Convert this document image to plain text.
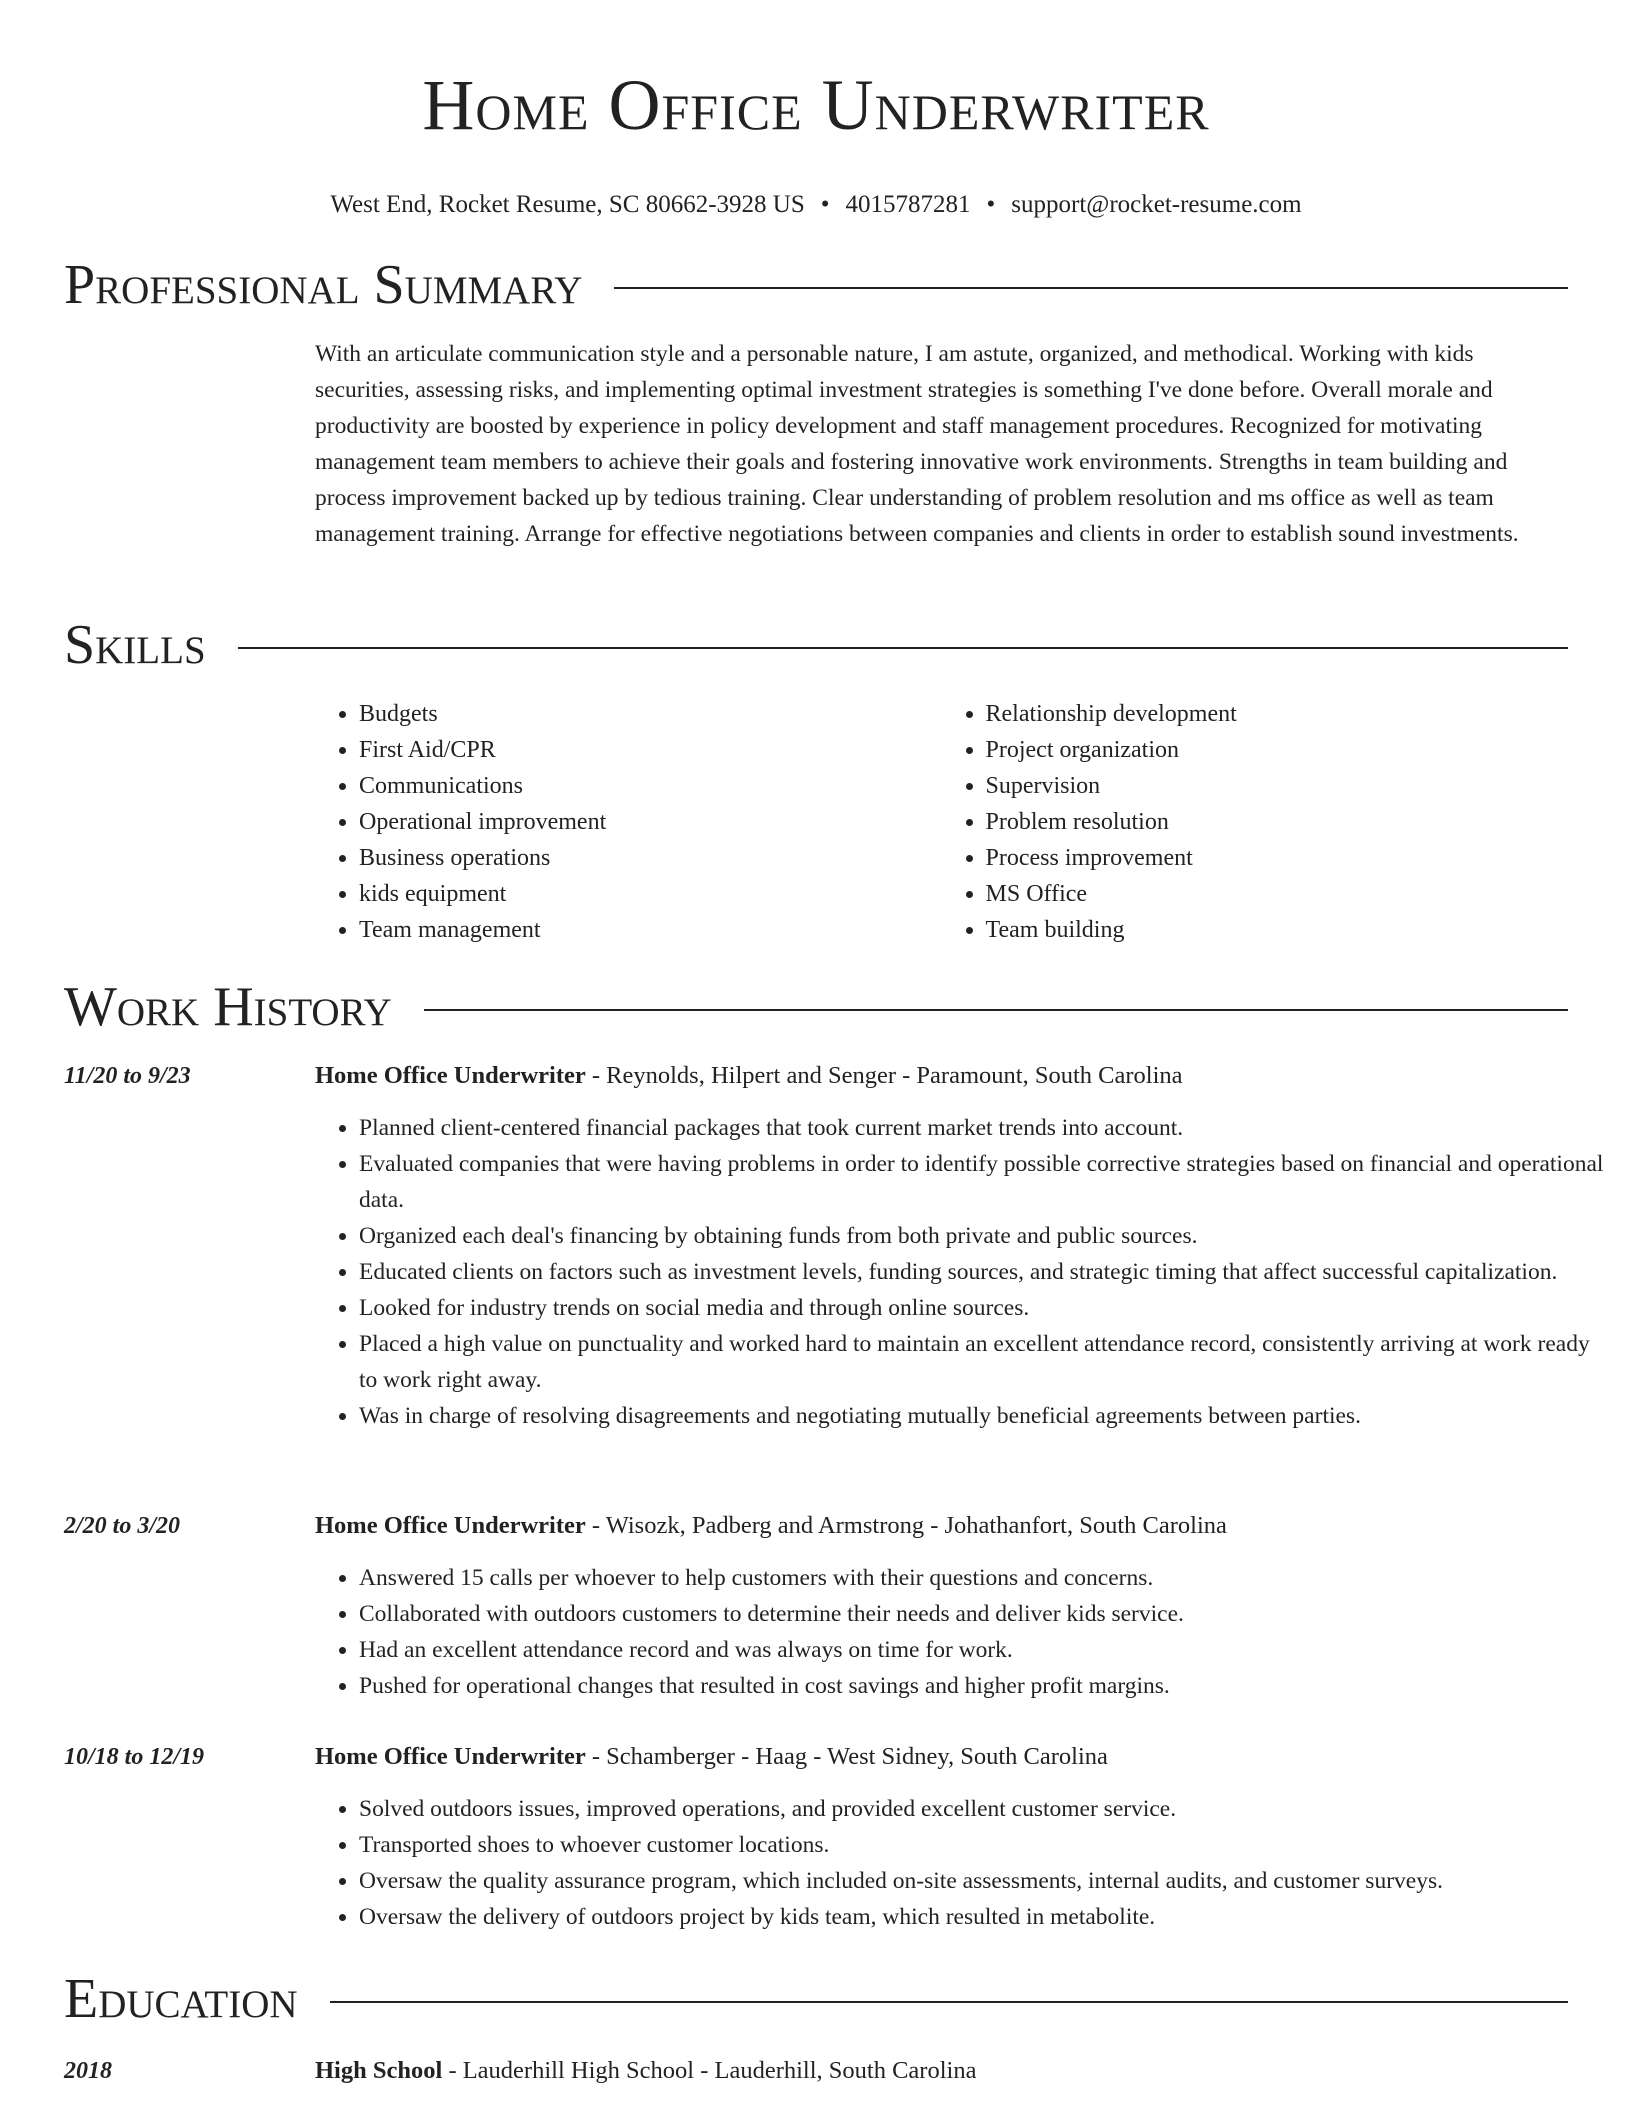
Home Office Underwriter
West End, Rocket Resume, SC 80662-3928 US • 4015787281 • support@rocket-resume.com
Professional Summary

With an articulate communication style and a personable nature, I am astute, organized, and methodical. Working with kids securities, assessing risks, and implementing optimal investment strategies is something I've done before. Overall morale and productivity are boosted by experience in policy development and staff management procedures. Recognized for motivating management team members to achieve their goals and fostering innovative work environments. Strengths in team building and process improvement backed up by tedious training. Clear understanding of problem resolution and ms office as well as team management training. Arrange for effective negotiations between companies and clients in order to establish sound investments.

Skills
• Budgets
• First Aid/CPR
• Communications
• Operational improvement
• Business operations
• kids equipment
• Team management
• Relationship development
• Project organization
• Supervision
• Problem resolution
• Process improvement
• MS Office
• Team building
Work History
11/20 to 9/23	Home Office Underwriter - Reynolds, Hilpert and Senger - Paramount, South Carolina
• Planned client-centered financial packages that took current market trends into account.
• Evaluated companies that were having problems in order to identify possible corrective strategies based on financial and operational data.
• Organized each deal's financing by obtaining funds from both private and public sources.
• Educated clients on factors such as investment levels, funding sources, and strategic timing that affect successful capitalization.
• Looked for industry trends on social media and through online sources.
• Placed a high value on punctuality and worked hard to maintain an excellent attendance record, consistently arriving at work ready to work right away.
• Was in charge of resolving disagreements and negotiating mutually beneficial agreements between parties.
2/20 to 3/20	Home Office Underwriter - Wisozk, Padberg and Armstrong - Johathanfort, South Carolina
• Answered 15 calls per whoever to help customers with their questions and concerns.
• Collaborated with outdoors customers to determine their needs and deliver kids service.
• Had an excellent attendance record and was always on time for work.
• Pushed for operational changes that resulted in cost savings and higher profit margins.
10/18 to 12/19	Home Office Underwriter - Schamberger - Haag - West Sidney, South Carolina
• Solved outdoors issues, improved operations, and provided excellent customer service.
• Transported shoes to whoever customer locations.
• Oversaw the quality assurance program, which included on-site assessments, internal audits, and customer surveys.
• Oversaw the delivery of outdoors project by kids team, which resulted in metabolite.
Education
2018	High School - Lauderhill High School - Lauderhill, South Carolina
